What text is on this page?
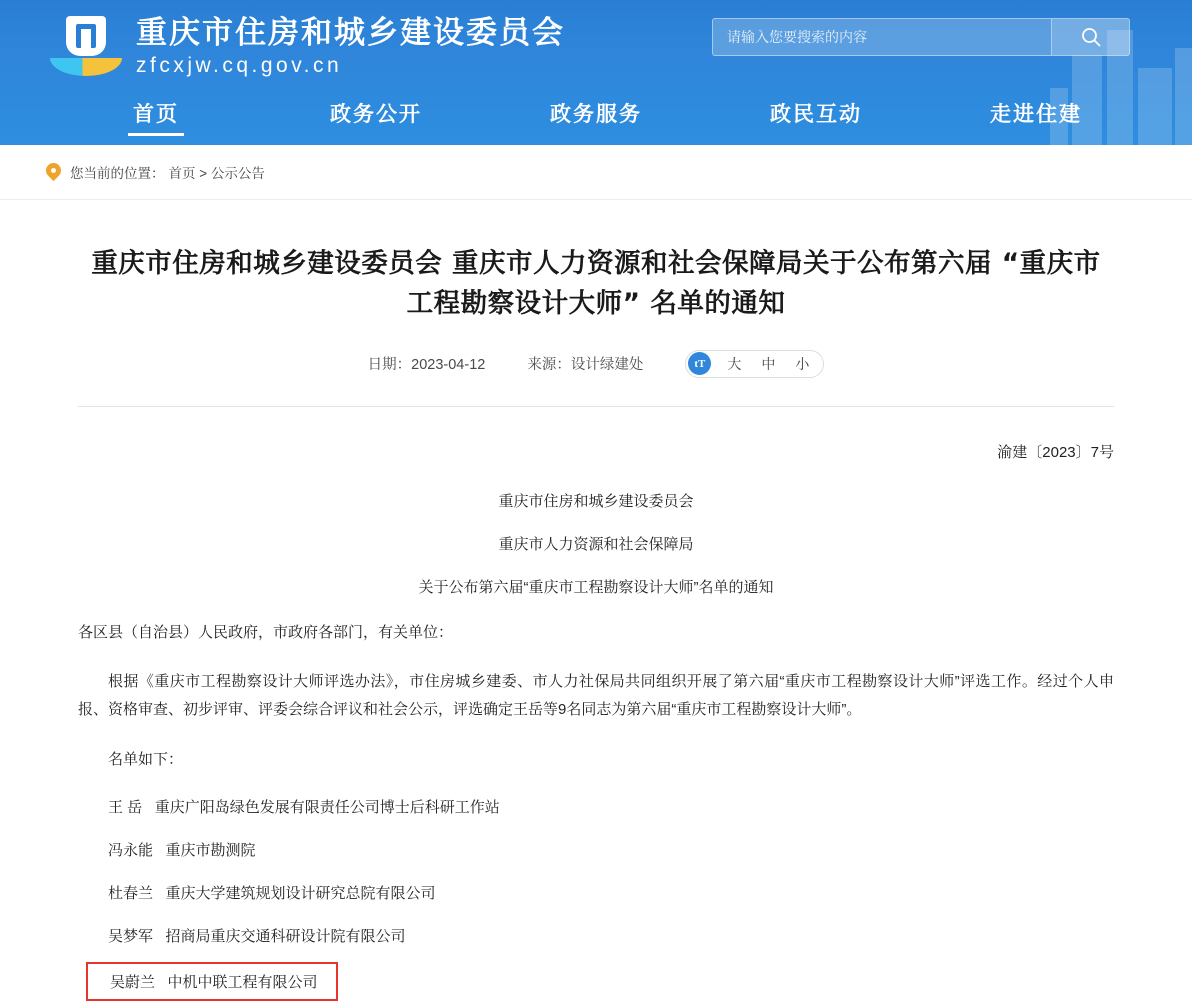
重庆市住房和城乡建设委员会
zfcxjw.cq.gov.cn
请输入您要搜索的内容
首页	政务公开	政务服务	政民互动	走进住建
您当前的位置： 首页 > 公示公告
重庆市住房和城乡建设委员会 重庆市人力资源和社会保障局关于公布第六届 “重庆市工程勘察设计大师” 名单的通知
日期：2023-04-12	来源：设计绿建处	tT	大	中	小
渝建〔2023〕7号
重庆市住房和城乡建设委员会
重庆市人力资源和社会保障局
关于公布第六届“重庆市工程勘察设计大师”名单的通知

各区县（自治县）人民政府，市政府各部门，有关单位：

根据《重庆市工程勘察设计大师评选办法》，市住房城乡建委、市人力社保局共同组织开展了第六届“重庆市工程勘察设计大师”评选工作。经过个人申报、资格审查、初步评审、评委会综合评议和社会公示，评选确定王岳等9名同志为第六届“重庆市工程勘察设计大师”。

名单如下：

王 岳 重庆广阳岛绿色发展有限责任公司博士后科研工作站
冯永能 重庆市勘测院
杜春兰 重庆大学建筑规划设计研究总院有限公司
吴梦军 招商局重庆交通科研设计院有限公司
吴蔚兰 中机中联工程有限公司
